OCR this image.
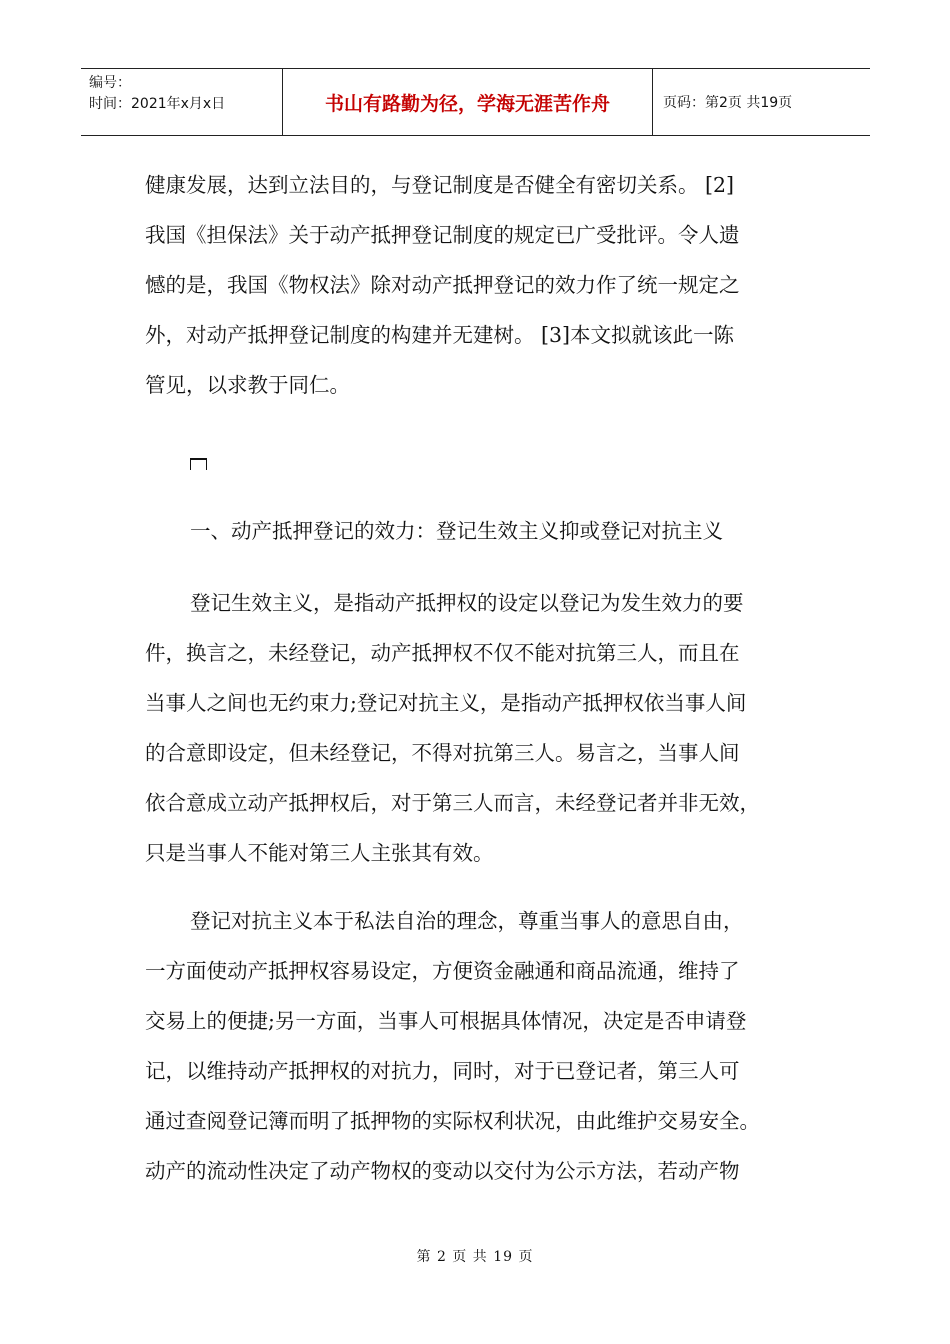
编号：
时间：2021年x月x日	书山有路勤为径，学海无涯苦作舟	页码：第2页 共19页
健康发展，达到立法目的，与登记制度是否健全有密切关系。 [2]
我国《担保法》关于动产抵押登记制度的规定已广受批评。令人遗
憾的是，我国《物权法》除对动产抵押登记的效力作了统一规定之
外，对动产抵押登记制度的构建并无建树。 [3]本文拟就该此一陈
管见，以求教于同仁。
一、动产抵押登记的效力：登记生效主义抑或登记对抗主义
登记生效主义，是指动产抵押权的设定以登记为发生效力的要
件，换言之，未经登记，动产抵押权不仅不能对抗第三人，而且在
当事人之间也无约束力;登记对抗主义，是指动产抵押权依当事人间
的合意即设定，但未经登记，不得对抗第三人。易言之，当事人间
依合意成立动产抵押权后，对于第三人而言，未经登记者并非无效，
只是当事人不能对第三人主张其有效。
登记对抗主义本于私法自治的理念，尊重当事人的意思自由，
一方面使动产抵押权容易设定，方便资金融通和商品流通，维持了
交易上的便捷;另一方面，当事人可根据具体情况，决定是否申请登
记，以维持动产抵押权的对抗力，同时，对于已登记者，第三人可
通过查阅登记簿而明了抵押物的实际权利状况，由此维护交易安全。
动产的流动性决定了动产物权的变动以交付为公示方法，若动产物
第 2 页 共 19 页
